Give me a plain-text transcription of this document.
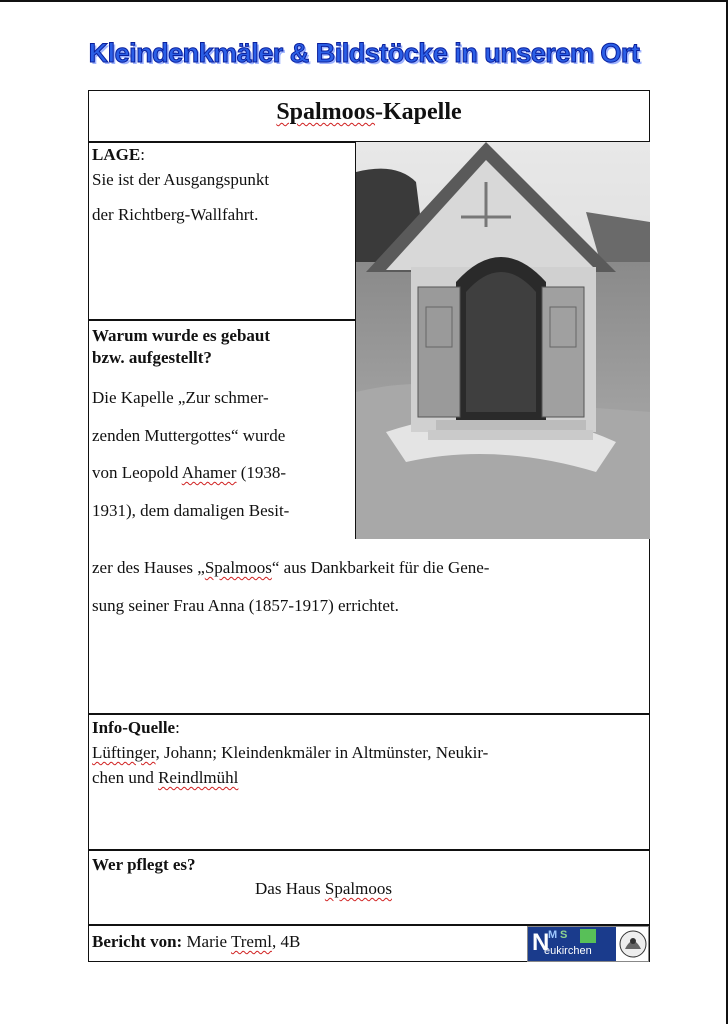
Kleindenkmäler & Bildstöcke in unserem Ort
Spalmoos-Kapelle
LAGE:
Sie ist der Ausgangspunkt
der Richtberg-Wallfahrt.
Warum wurde es gebaut
bzw. aufgestellt?
Die Kapelle „Zur schmer-
zenden Muttergottes“ wurde
von Leopold Ahamer (1938-
1931), dem damaligen Besit-
zer des Hauses „Spalmoos“ aus Dankbarkeit für die Gene-
sung seiner Frau Anna (1857-1917) errichtet.
Info-Quelle:
Lüftinger, Johann; Kleindenkmäler in Altmünster, Neukir-
chen und Reindlmühl
Wer pflegt es?
Das Haus Spalmoos
Bericht von: Marie Treml, 4B	N
M S
eukirchen
